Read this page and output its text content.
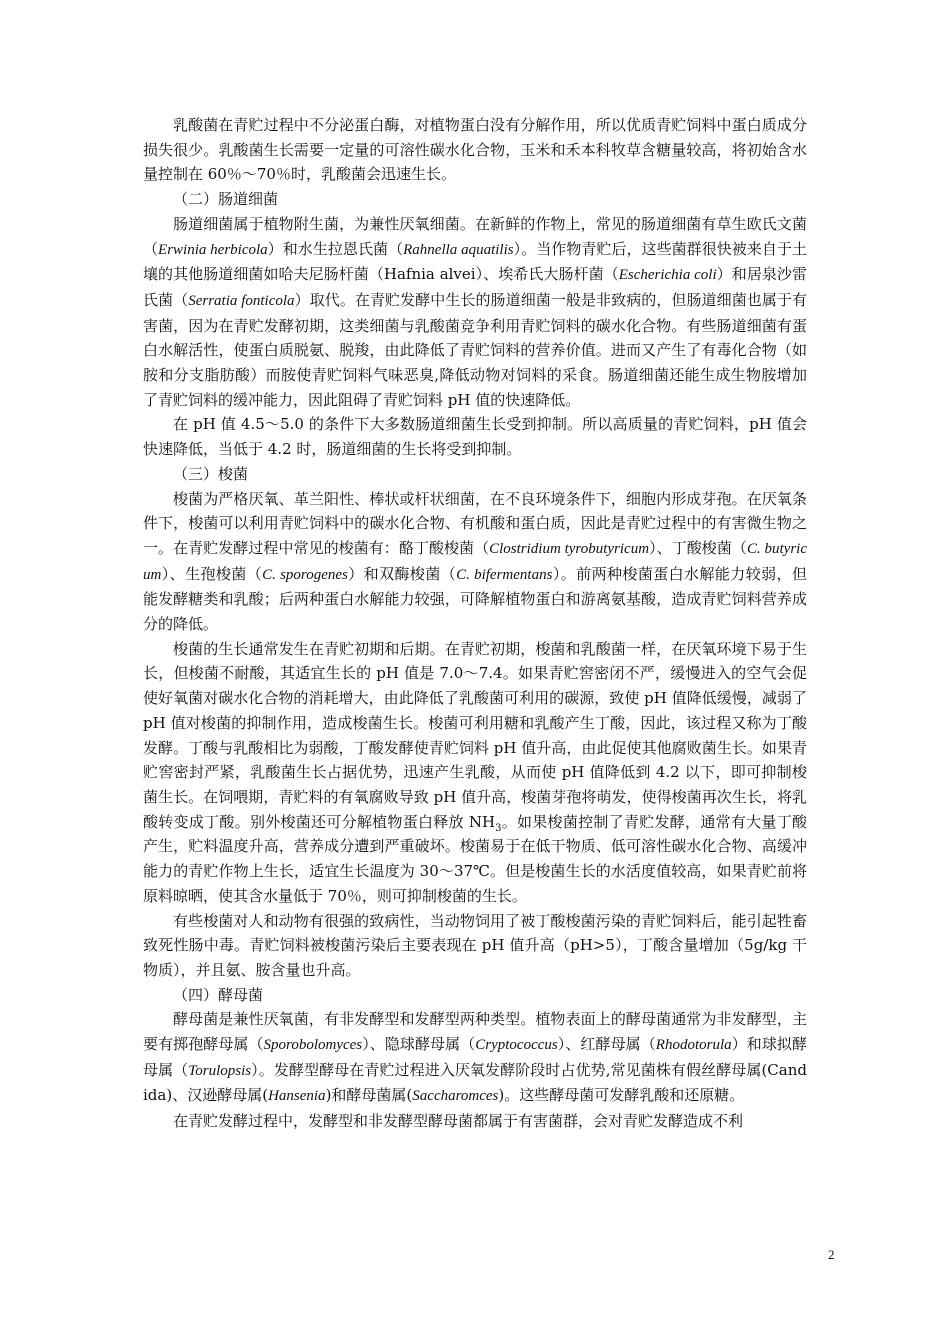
乳酸菌在青贮过程中不分泌蛋白酶，对植物蛋白没有分解作用，所以优质青贮饲料中蛋白质成分损失很少。乳酸菌生长需要一定量的可溶性碳水化合物，玉米和禾本科牧草含糖量较高，将初始含水量控制在 60％～70％时，乳酸菌会迅速生长。

（二）肠道细菌

肠道细菌属于植物附生菌，为兼性厌氧细菌。在新鲜的作物上，常见的肠道细菌有草生欧氏文菌（Erwinia herbicola）和水生拉恩氏菌（Rahnella aquatilis）。当作物青贮后，这些菌群很快被来自于土壤的其他肠道细菌如哈夫尼肠杆菌（Hafnia alvei）、埃希氏大肠杆菌（Escherichia coli）和居泉沙雷氏菌（Serratia fonticola）取代。在青贮发酵中生长的肠道细菌一般是非致病的，但肠道细菌也属于有害菌，因为在青贮发酵初期，这类细菌与乳酸菌竞争利用青贮饲料的碳水化合物。有些肠道细菌有蛋白水解活性，使蛋白质脱氨、脱羧，由此降低了青贮饲料的营养价值。进而又产生了有毒化合物（如胺和分支脂肪酸）而胺使青贮饲料气味恶臭,降低动物对饲料的采食。肠道细菌还能生成生物胺增加了青贮饲料的缓冲能力，因此阻碍了青贮饲料 pH 值的快速降低。

在 pH 值 4.5～5.0 的条件下大多数肠道细菌生长受到抑制。所以高质量的青贮饲料，pH 值会快速降低，当低于 4.2 时，肠道细菌的生长将受到抑制。

（三）梭菌

梭菌为严格厌氧、革兰阳性、棒状或杆状细菌，在不良环境条件下，细胞内形成芽孢。在厌氧条件下，梭菌可以利用青贮饲料中的碳水化合物、有机酸和蛋白质，因此是青贮过程中的有害微生物之一。在青贮发酵过程中常见的梭菌有：酪丁酸梭菌（Clostridium tyrobutyricum）、丁酸梭菌（C. butyricum）、生孢梭菌（C. sporogenes）和双酶梭菌（C. bifermentans）。前两种梭菌蛋白水解能力较弱，但能发酵糖类和乳酸；后两种蛋白水解能力较强，可降解植物蛋白和游离氨基酸，造成青贮饲料营养成分的降低。

梭菌的生长通常发生在青贮初期和后期。在青贮初期，梭菌和乳酸菌一样，在厌氧环境下易于生长，但梭菌不耐酸，其适宜生长的 pH 值是 7.0～7.4。如果青贮窖密闭不严，缓慢进入的空气会促使好氧菌对碳水化合物的消耗增大，由此降低了乳酸菌可利用的碳源，致使 pH 值降低缓慢，减弱了 pH 值对梭菌的抑制作用，造成梭菌生长。梭菌可利用糖和乳酸产生丁酸，因此，该过程又称为丁酸发酵。丁酸与乳酸相比为弱酸，丁酸发酵使青贮饲料 pH 值升高，由此促使其他腐败菌生长。如果青贮窖密封严紧，乳酸菌生长占据优势，迅速产生乳酸，从而使 pH 值降低到 4.2 以下，即可抑制梭菌生长。在饲喂期，青贮料的有氧腐败导致 pH 值升高，梭菌芽孢将萌发，使得梭菌再次生长，将乳酸转变成丁酸。别外梭菌还可分解植物蛋白释放 $NH_3$。如果梭菌控制了青贮发酵，通常有大量丁酸产生，贮料温度升高，营养成分遭到严重破坏。梭菌易于在低干物质、低可溶性碳水化合物、高缓冲能力的青贮作物上生长，适宜生长温度为 30～37℃。但是梭菌生长的水活度值较高，如果青贮前将原料晾晒，使其含水量低于 70％，则可抑制梭菌的生长。

有些梭菌对人和动物有很强的致病性，当动物饲用了被丁酸梭菌污染的青贮饲料后，能引起牲畜致死性肠中毒。青贮饲料被梭菌污染后主要表现在 pH 值升高（pH>5），丁酸含量增加（5g/kg 干物质），并且氨、胺含量也升高。

（四）酵母菌

酵母菌是兼性厌氧菌，有非发酵型和发酵型两种类型。植物表面上的酵母菌通常为非发酵型，主要有掷孢酵母属（Sporobolomyces）、隐球酵母属（Cryptococcus）、红酵母属（Rhodotorula）和球拟酵母属（Torulopsis）。发酵型酵母在青贮过程进入厌氧发酵阶段时占优势,常见菌株有假丝酵母属(Candida)、汉逊酵母属(Hansenia)和酵母菌属(Saccharomces)。这些酵母菌可发酵乳酸和还原糖。

在青贮发酵过程中，发酵型和非发酵型酵母菌都属于有害菌群，会对青贮发酵造成不利

2
